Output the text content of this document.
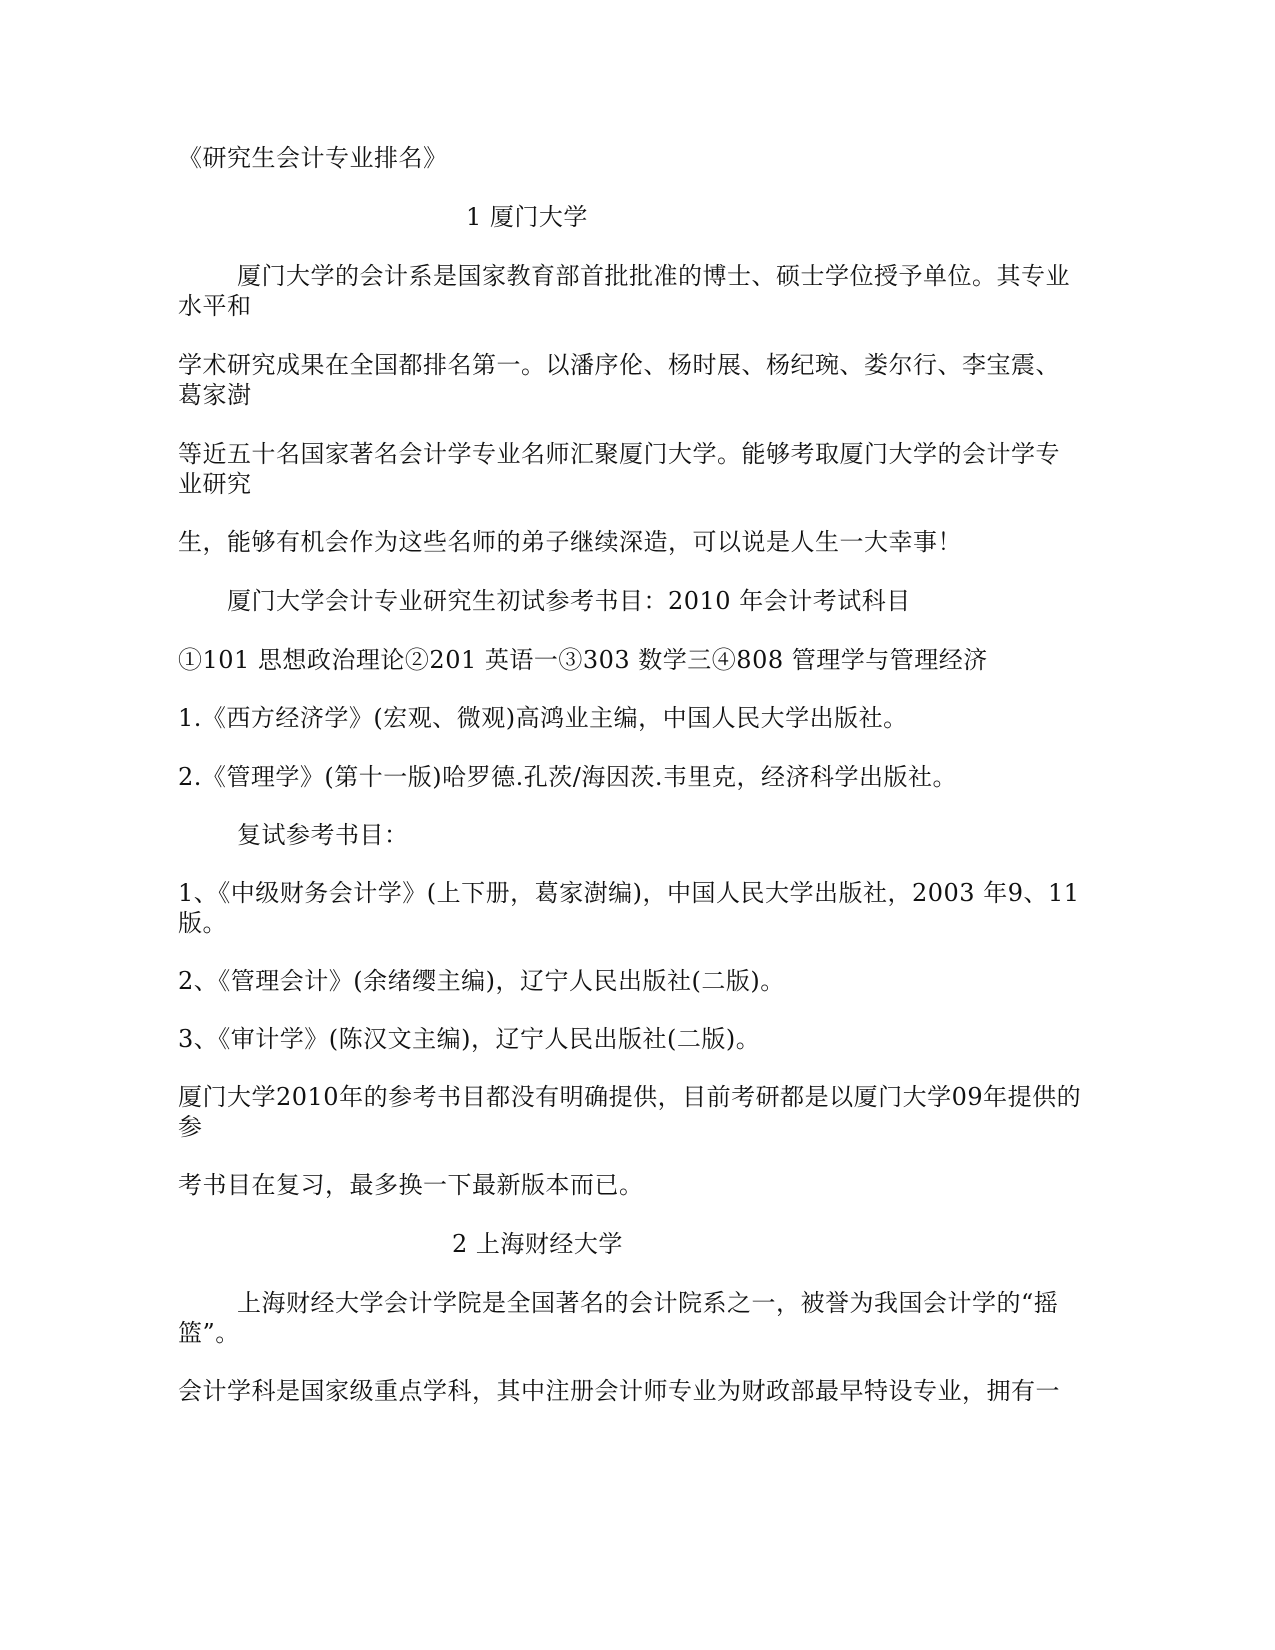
《研究生会计专业排名》
1 厦门大学
厦门大学的会计系是国家教育部首批批准的博士、硕士学位授予单位。其专业
水平和
学术研究成果在全国都排名第一。以潘序伦、杨时展、杨纪琬、娄尔行、李宝震、
葛家澍
等近五十名国家著名会计学专业名师汇聚厦门大学。能够考取厦门大学的会计学专
业研究
生，能够有机会作为这些名师的弟子继续深造，可以说是人生一大幸事！
厦门大学会计专业研究生初试参考书目：2010 年会计考试科目
①101 思想政治理论②201 英语一③303 数学三④808 管理学与管理经济
1.《西方经济学》(宏观、微观)高鸿业主编，中国人民大学出版社。
2.《管理学》(第十一版)哈罗德.孔茨/海因茨.韦里克，经济科学出版社。
复试参考书目：
1、《中级财务会计学》(上下册，葛家澍编)，中国人民大学出版社，2003 年9、11
版。
2、《管理会计》(余绪缨主编)，辽宁人民出版社(二版)。
3、《审计学》(陈汉文主编)，辽宁人民出版社(二版)。
厦门大学2010年的参考书目都没有明确提供，目前考研都是以厦门大学09年提供的
参
考书目在复习，最多换一下最新版本而已。
2 上海财经大学
上海财经大学会计学院是全国著名的会计院系之一，被誉为我国会计学的“摇
篮”。
会计学科是国家级重点学科，其中注册会计师专业为财政部最早特设专业，拥有一
